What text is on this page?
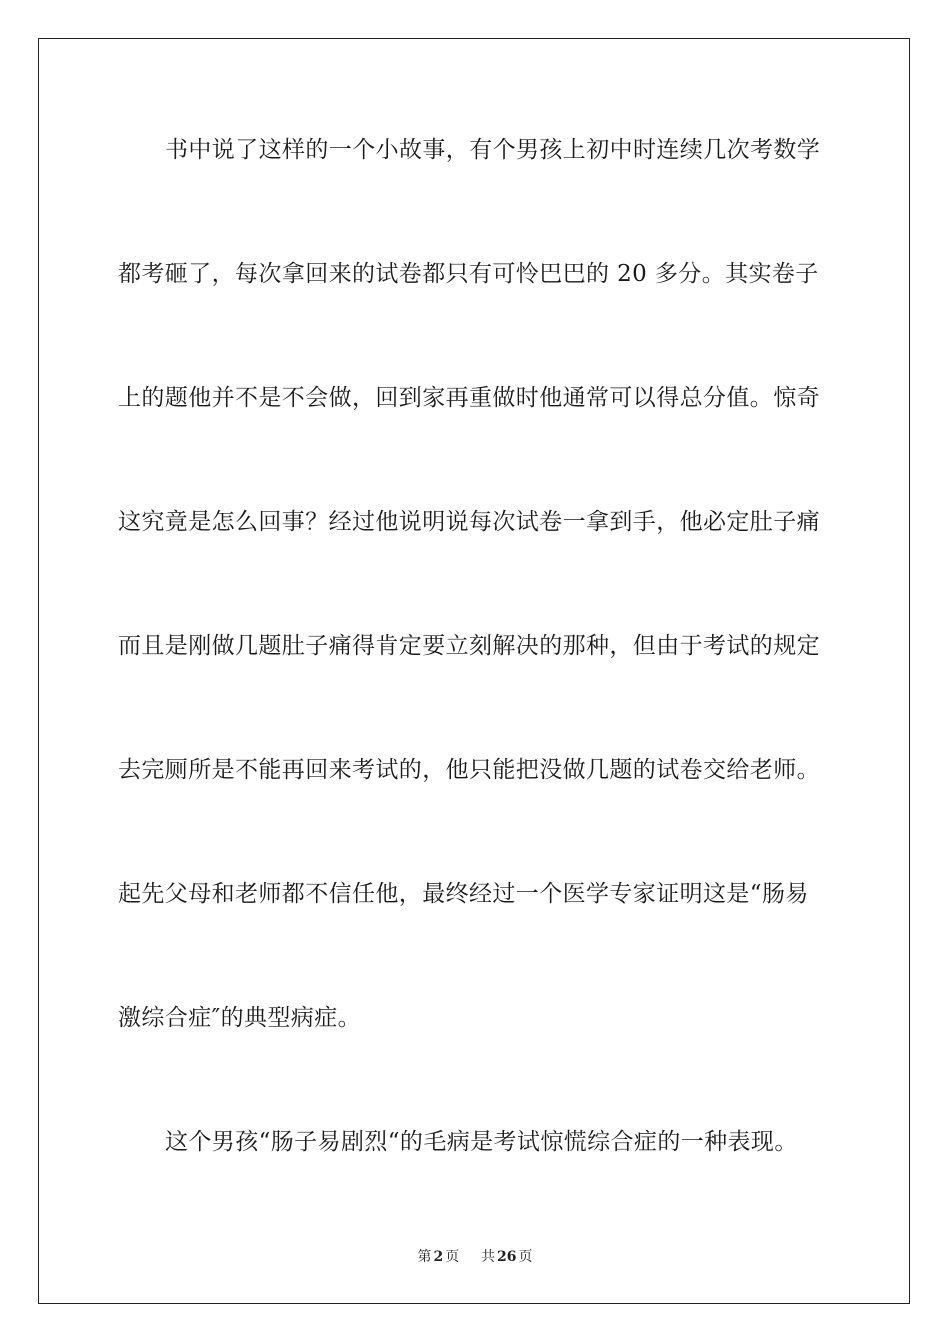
书中说了这样的一个小故事，有个男孩上初中时连续几次考数学
都考砸了，每次拿回来的试卷都只有可怜巴巴的 20 多分。其实卷子
上的题他并不是不会做，回到家再重做时他通常可以得总分值。惊奇
这究竟是怎么回事？经过他说明说每次试卷一拿到手，他必定肚子痛
而且是刚做几题肚子痛得肯定要立刻解决的那种，但由于考试的规定
去完厕所是不能再回来考试的，他只能把没做几题的试卷交给老师。
起先父母和老师都不信任他，最终经过一个医学专家证明这是“肠易
激综合症″的典型病症。
这个男孩“肠子易剧烈“的毛病是考试惊慌综合症的一种表现。
第 2 页 共 26 页
